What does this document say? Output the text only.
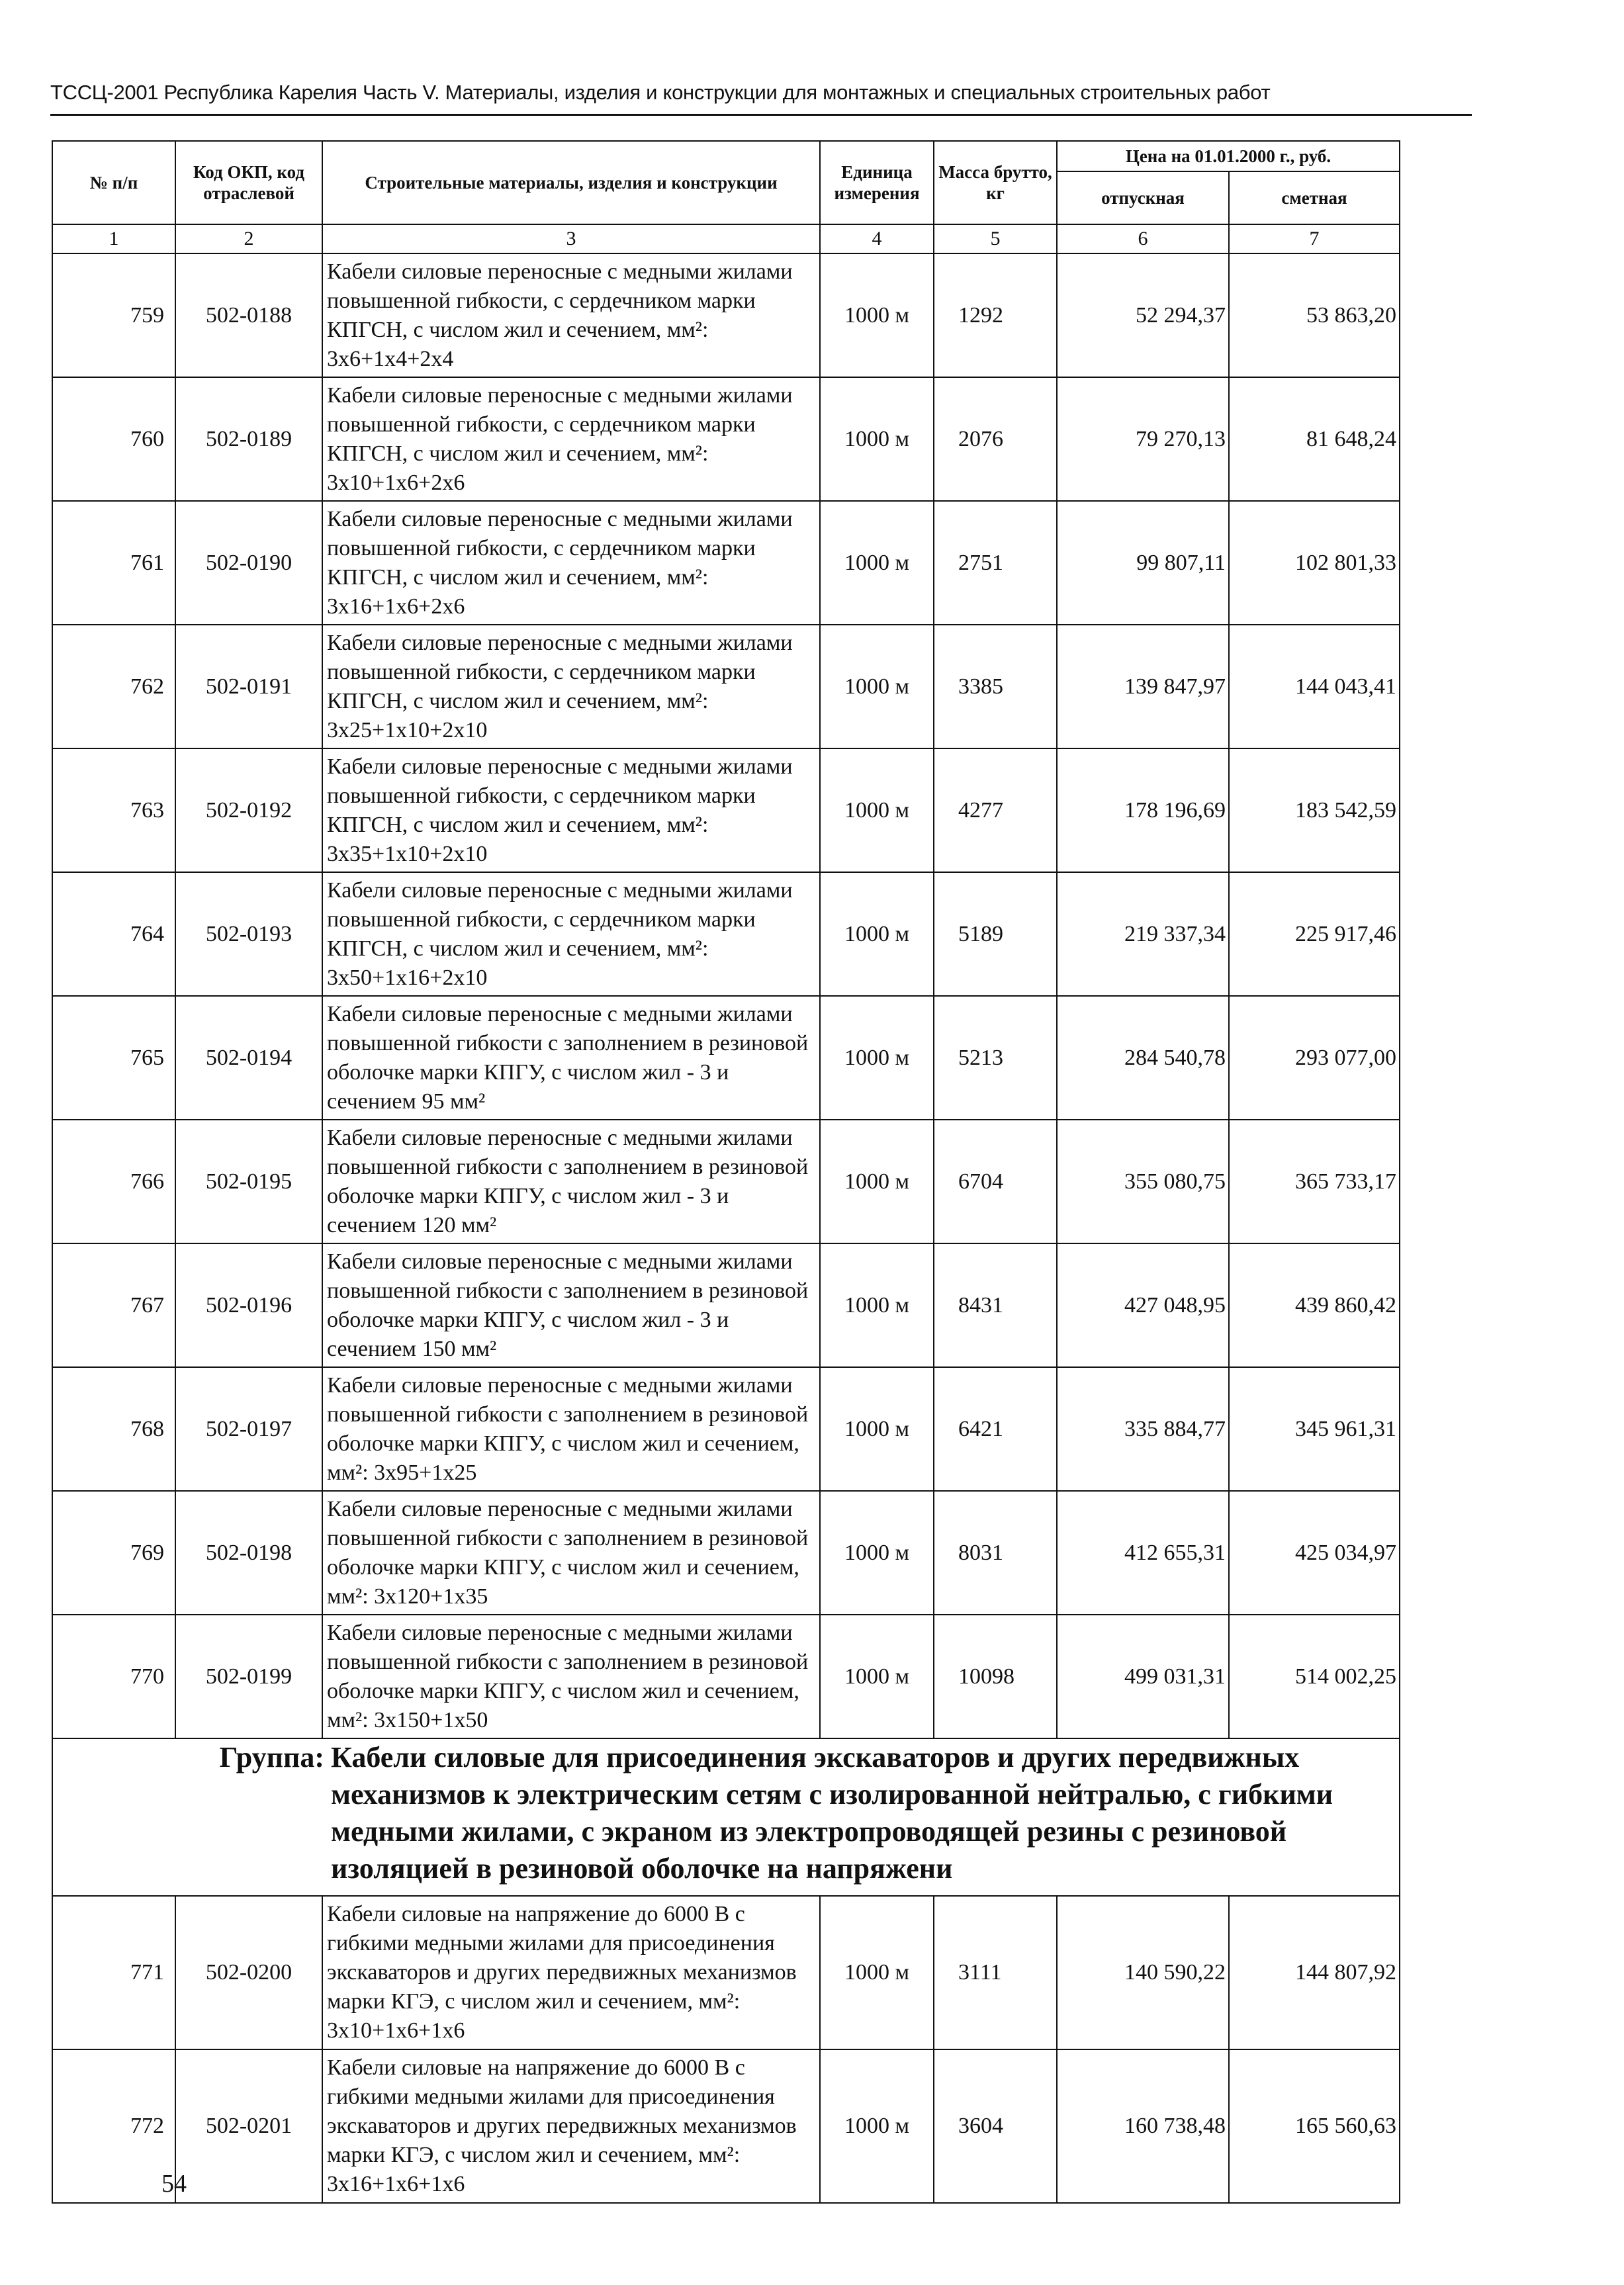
ТССЦ-2001 Республика Карелия Часть V. Материалы, изделия и конструкции для монтажных и специальных строительных работ
№ п/п	Код ОКП, код отраслевой	Строительные материалы, изделия и конструкции	Единица измерения	Масса брутто, кг	Цена на 01.01.2000 г., руб.	
					отпускная	сметная
1	2	3	4	5	6	7
759	502-0188	Кабели силовые переносные с медными жилами повышенной гибкости, с сердечником марки КПГСН, с числом жил и сечением, мм²: 3х6+1х4+2х4	1000 м	1292	52 294,37	53 863,20
760	502-0189	Кабели силовые переносные с медными жилами повышенной гибкости, с сердечником марки КПГСН, с числом жил и сечением, мм²: 3х10+1х6+2х6	1000 м	2076	79 270,13	81 648,24
761	502-0190	Кабели силовые переносные с медными жилами повышенной гибкости, с сердечником марки КПГСН, с числом жил и сечением, мм²: 3х16+1х6+2х6	1000 м	2751	99 807,11	102 801,33
762	502-0191	Кабели силовые переносные с медными жилами повышенной гибкости, с сердечником марки КПГСН, с числом жил и сечением, мм²: 3х25+1х10+2х10	1000 м	3385	139 847,97	144 043,41
763	502-0192	Кабели силовые переносные с медными жилами повышенной гибкости, с сердечником марки КПГСН, с числом жил и сечением, мм²: 3х35+1х10+2х10	1000 м	4277	178 196,69	183 542,59
764	502-0193	Кабели силовые переносные с медными жилами повышенной гибкости, с сердечником марки КПГСН, с числом жил и сечением, мм²: 3х50+1х16+2х10	1000 м	5189	219 337,34	225 917,46
765	502-0194	Кабели силовые переносные с медными жилами повышенной гибкости с заполнением в резиновой оболочке марки КПГУ, с числом жил - 3 и сечением 95 мм²	1000 м	5213	284 540,78	293 077,00
766	502-0195	Кабели силовые переносные с медными жилами повышенной гибкости с заполнением в резиновой оболочке марки КПГУ, с числом жил - 3 и сечением 120 мм²	1000 м	6704	355 080,75	365 733,17
767	502-0196	Кабели силовые переносные с медными жилами повышенной гибкости с заполнением в резиновой оболочке марки КПГУ, с числом жил - 3 и сечением 150 мм²	1000 м	8431	427 048,95	439 860,42
768	502-0197	Кабели силовые переносные с медными жилами повышенной гибкости с заполнением в резиновой оболочке марки КПГУ, с числом жил и сечением, мм²: 3х95+1х25	1000 м	6421	335 884,77	345 961,31
769	502-0198	Кабели силовые переносные с медными жилами повышенной гибкости с заполнением в резиновой оболочке марки КПГУ, с числом жил и сечением, мм²: 3х120+1х35	1000 м	8031	412 655,31	425 034,97
770	502-0199	Кабели силовые переносные с медными жилами повышенной гибкости с заполнением в резиновой оболочке марки КПГУ, с числом жил и сечением, мм²: 3х150+1х50	1000 м	10098	499 031,31	514 002,25

Группа: Кабели силовые для присоединения экскаваторов и других передвижных механизмов к электрическим сетям с изолированной нейтралью, с гибкими медными жилами, с экраном из электропроводящей резины с резиновой изоляцией в резиновой оболочке на напряжени						

771	502-0200	Кабели силовые на напряжение до 6000 В с гибкими медными жилами для присоединения экскаваторов и других передвижных механизмов марки КГЭ, с числом жил и сечением, мм²: 3х10+1х6+1х6	1000 м	3111	140 590,22	144 807,92
772	502-0201	Кабели силовые на напряжение до 6000 В с гибкими медными жилами для присоединения экскаваторов и других передвижных механизмов марки КГЭ, с числом жил и сечением, мм²: 3х16+1х6+1х6	1000 м	3604	160 738,48	165 560,63
54
